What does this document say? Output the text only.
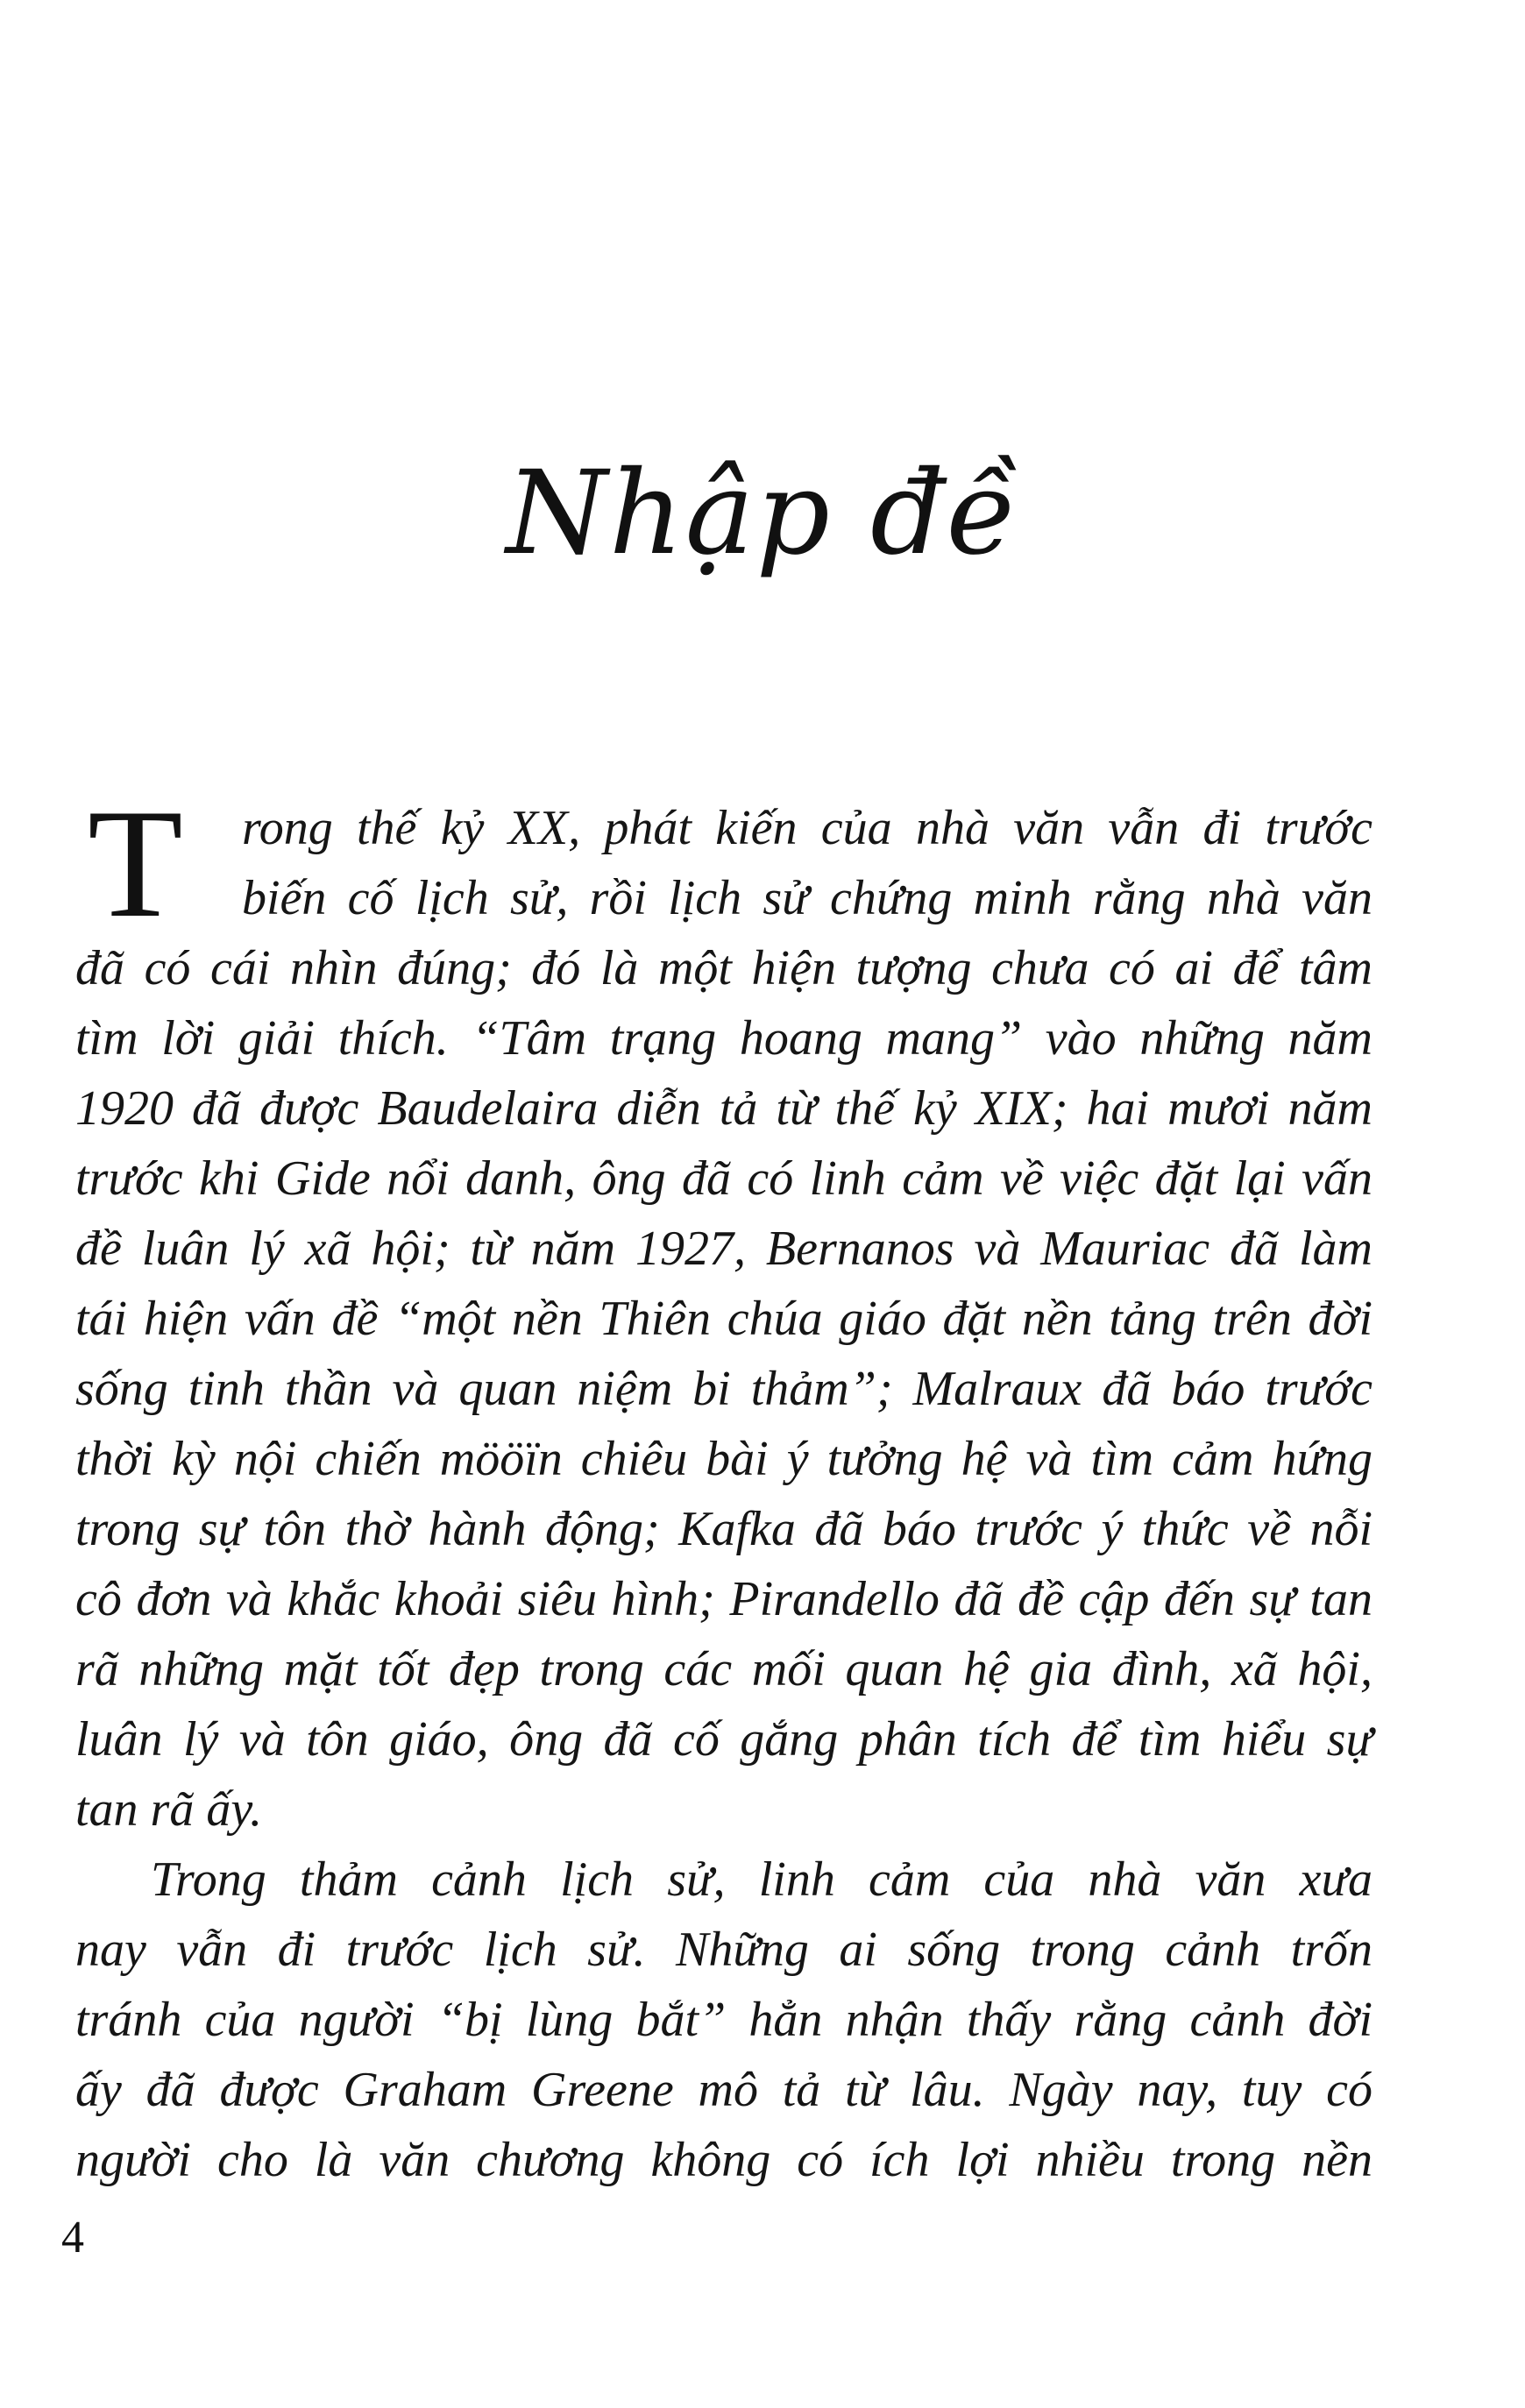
Nhập đề
T	rong thế kỷ XX, phát kiến của nhà văn vẫn đi trước
biến cố lịch sử, rồi lịch sử chứng minh rằng nhà văn
đã có cái nhìn đúng; đó là một hiện tượng chưa có ai để tâm
tìm lời giải thích. “Tâm trạng hoang mang” vào những năm
1920 đã được Baudelaira diễn tả từ thế kỷ XIX; hai mươi năm
trước khi Gide nổi danh, ông đã có linh cảm về việc đặt lại vấn
đề luân lý xã hội; từ năm 1927, Bernanos và Mauriac đã làm
tái hiện vấn đề “một nền Thiên chúa giáo đặt nền tảng trên đời
sống tinh thần và quan niệm bi thảm”; Malraux đã báo trước
thời kỳ nội chiến mööïn chiêu bài ý tưởng hệ và tìm cảm hứng
trong sự tôn thờ hành động; Kafka đã báo trước ý thức về nỗi
cô đơn và khắc khoải siêu hình; Pirandello đã đề cập đến sự tan
rã những mặt tốt đẹp trong các mối quan hệ gia đình, xã hội,
luân lý và tôn giáo, ông đã cố gắng phân tích để tìm hiểu sự
tan rã ấy.
Trong thảm cảnh lịch sử, linh cảm của nhà văn xưa
nay vẫn đi trước lịch sử. Những ai sống trong cảnh trốn
tránh của người “bị lùng bắt” hẳn nhận thấy rằng cảnh đời
ấy đã được Graham Greene mô tả từ lâu. Ngày nay, tuy có
người cho là văn chương không có ích lợi nhiều trong nền
4
